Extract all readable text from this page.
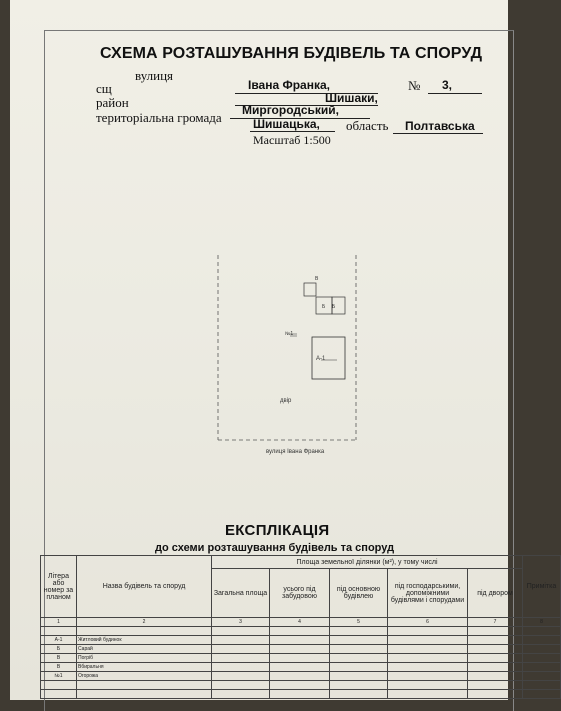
СХЕМА РОЗТАШУВАННЯ БУДІВЕЛЬ ТА СПОРУД
вулиця
Івана Франка,	№ 3,
сщ
Шишаки,
район	Миргородський,
територіальна громада	Шишацька, область Полтавська
Масштаб 1:500
В
Б Б
А-1
№1
двір
вулиця Івана Франка
ЕКСПЛІКАЦІЯ
до схеми розташування будівель та споруд
Літера або номер за планом	Назва будівель та споруд	Площа земельної ділянки (м²), у тому числі					Примітка
		Загальна площа	усього під забудовою	під основною будівлею	під господарськими, допоміжними будівлями і спорудами	під двором	
1	2	3	4	5	6	7	8

А-1	Житловий будинок						
Б	Сарай						
В	Погріб						
В	Вбиральня						
№1	Огорожа						
